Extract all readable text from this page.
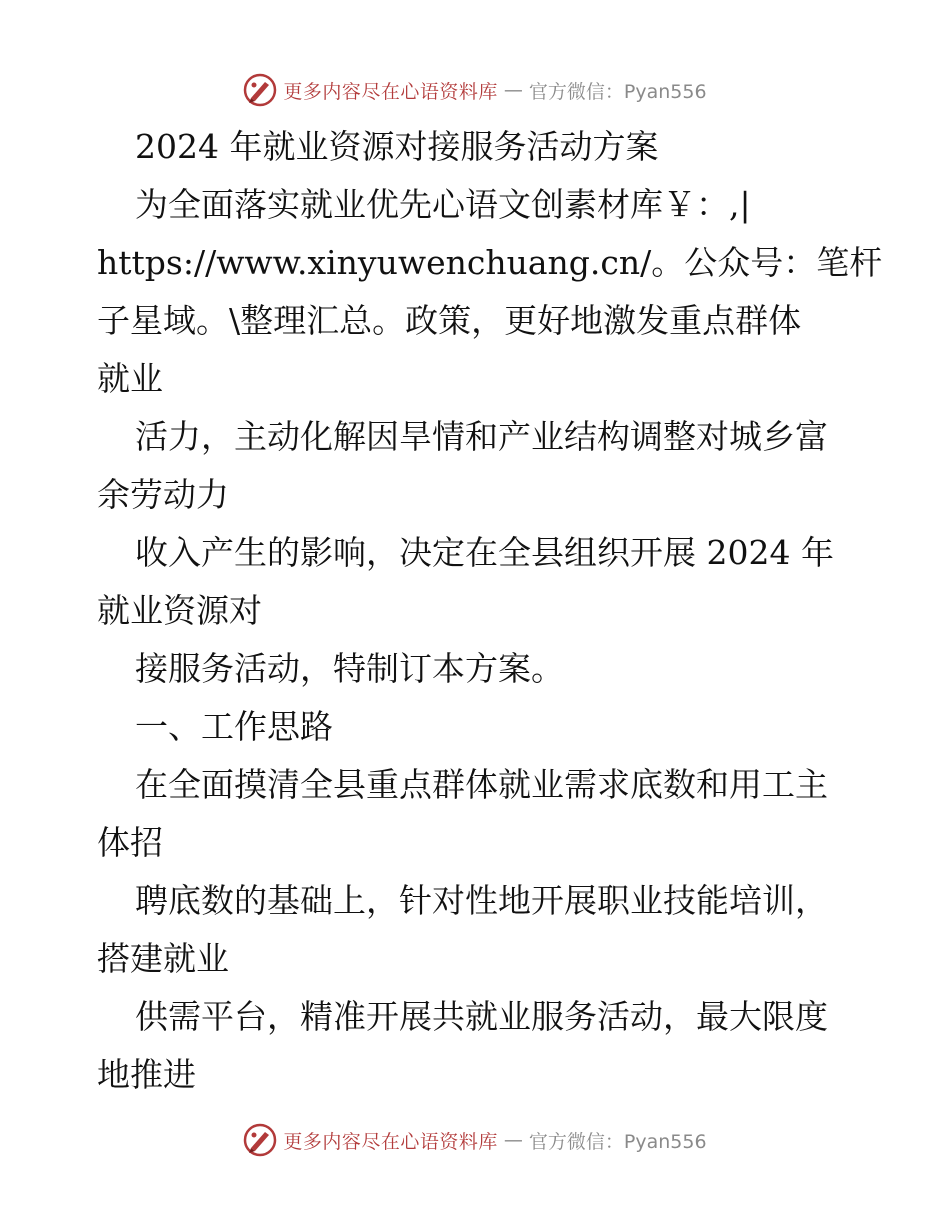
更多内容尽在心语资料库 — 官方微信：Pyan556
2024 年就业资源对接服务活动方案
为全面落实就业优先心语文创素材库￥：,|
https://www.xinyuwenchuang.cn/。公众号：笔杆
子星域。\整理汇总。政策，更好地激发重点群体
就业
活力，主动化解因旱情和产业结构调整对城乡富
余劳动力
收入产生的影响，决定在全县组织开展 2024 年
就业资源对
接服务活动，特制订本方案。
一、工作思路
在全面摸清全县重点群体就业需求底数和用工主
体招
聘底数的基础上，针对性地开展职业技能培训，
搭建就业
供需平台，精准开展共就业服务活动，最大限度
地推进
更多内容尽在心语资料库 — 官方微信：Pyan556
